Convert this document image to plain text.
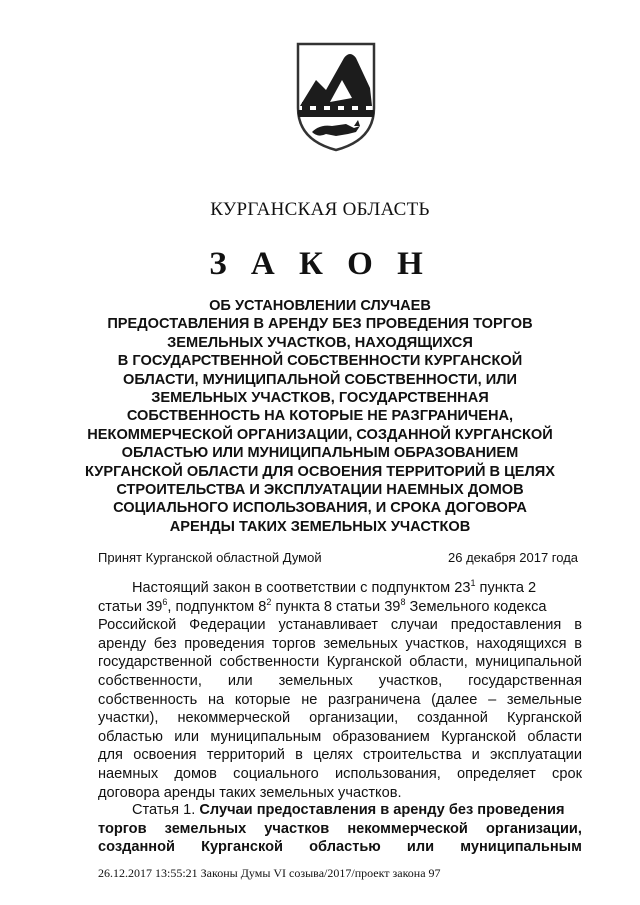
КУРГАНСКАЯ ОБЛАСТЬ
З А К О Н
ОБ УСТАНОВЛЕНИИ СЛУЧАЕВ
ПРЕДОСТАВЛЕНИЯ В АРЕНДУ БЕЗ ПРОВЕДЕНИЯ ТОРГОВ
ЗЕМЕЛЬНЫХ УЧАСТКОВ, НАХОДЯЩИХСЯ
В ГОСУДАРСТВЕННОЙ СОБСТВЕННОСТИ КУРГАНСКОЙ
ОБЛАСТИ, МУНИЦИПАЛЬНОЙ СОБСТВЕННОСТИ, ИЛИ
ЗЕМЕЛЬНЫХ УЧАСТКОВ, ГОСУДАРСТВЕННАЯ
СОБСТВЕННОСТЬ НА КОТОРЫЕ НЕ РАЗГРАНИЧЕНА,
НЕКОММЕРЧЕСКОЙ ОРГАНИЗАЦИИ, СОЗДАННОЙ КУРГАНСКОЙ
ОБЛАСТЬЮ ИЛИ МУНИЦИПАЛЬНЫМ ОБРАЗОВАНИЕМ
КУРГАНСКОЙ ОБЛАСТИ ДЛЯ ОСВОЕНИЯ ТЕРРИТОРИЙ В ЦЕЛЯХ
СТРОИТЕЛЬСТВА И ЭКСПЛУАТАЦИИ НАЕМНЫХ ДОМОВ
СОЦИАЛЬНОГО ИСПОЛЬЗОВАНИЯ, И СРОКА ДОГОВОРА
АРЕНДЫ ТАКИХ ЗЕМЕЛЬНЫХ УЧАСТКОВ
Принят Курганской областной Думой	26 декабря 2017 года
Настоящий закон в соответствии с подпунктом $23^1$ пункта 2
статьи $39^6$, подпунктом $8^2$ пункта 8 статьи $39^8$ Земельного кодекса
Российской Федерации устанавливает случаи предоставления в
аренду без проведения торгов земельных участков, находящихся в
государственной собственности Курганской области, муниципальной
собственности, или земельных участков, государственная
собственность на которые не разграничена (далее – земельные
участки), некоммерческой организации, созданной Курганской
областью или муниципальным образованием Курганской области
для освоения территорий в целях строительства и эксплуатации
наемных домов социального использования, определяет срок
договора аренды таких земельных участков.
Статья 1. Случаи предоставления в аренду без проведения
торгов земельных участков некоммерческой организации,
созданной Курганской областью или муниципальным
26.12.2017 13:55:21 Законы Думы VI созыва/2017/проект закона 97
